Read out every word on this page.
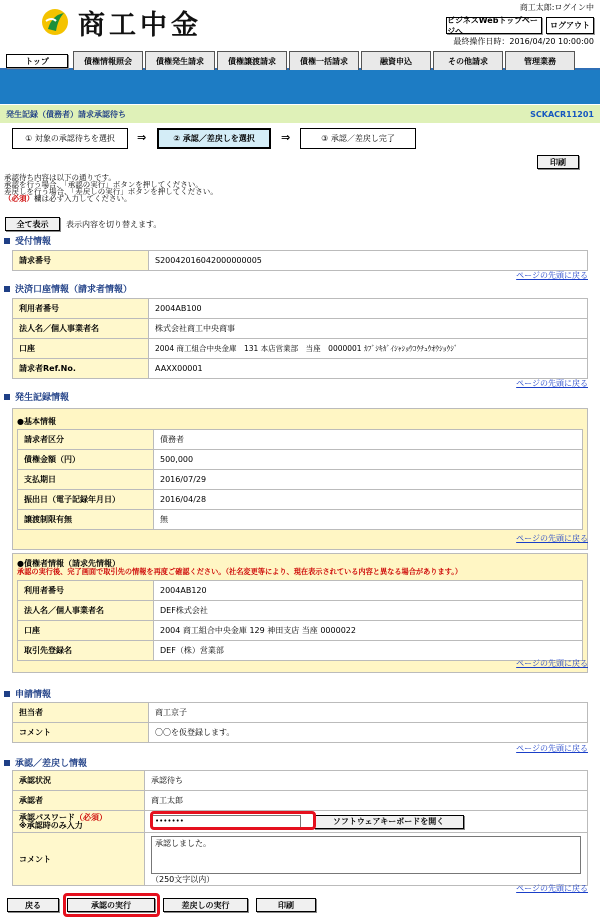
商工中金
商工太郎:ログイン中
ビジネスWebトップページへ
ログアウト
最終操作日時：2016/04/20 10:00:00
トップ	債権情報照会	債権発生請求	債権譲渡請求	債権一括請求	融資申込	その他請求	管理業務
発生記録（債務者）請求承認待ち	SCKACR11201
① 対象の承認待ちを選択	⇒	② 承認／差戻しを選択	⇒	③ 承認／差戻し完了
印刷
承認待ち内容は以下の通りです。
承認を行う場合、「承認の実行」ボタンを押してください。
差戻しを行う場合、「差戻しの実行」ボタンを押してください。
（必須）欄は必ず入力してください。
全て表示	表示内容を切り替えます。
受付情報
請求番号	S20042016042000000005
ページの先頭に戻る
決済口座情報（請求者情報）
利用者番号	2004AB100
法人名／個人事業者名	株式会社商工中央商事
口座	2004 商工組合中央金庫　131 本店営業部　当座　0000001 ｶﾌﾞｼｷｶﾞｲｼｬｼｮｳｺｳﾁｭｳｵｳｼｮｳｼﾞ
請求者Ref.No.	AAXX00001
ページの先頭に戻る
発生記録情報
●基本情報
請求者区分	債務者
債権金額（円）	500,000
支払期日	2016/07/29
振出日（電子記録年月日）	2016/04/28
譲渡制限有無	無
ページの先頭に戻る
●債権者情報（請求先情報）
承認の実行後、完了画面で取引先の情報を再度ご確認ください。（社名変更等により、現在表示されている内容と異なる場合があります。）
利用者番号	2004AB120
法人名／個人事業者名	DEF株式会社
口座	2004 商工組合中央金庫 129 神田支店 当座 0000022
取引先登録名	DEF（株）営業部
ページの先頭に戻る
申請情報
担当者	商工京子
コメント	〇〇を仮登録します。
ページの先頭に戻る
承認／差戻し情報
承認状況	承認待ち
承認者	商工太郎
承認パスワード（必須）
※承認時のみ入力	••••••• ソフトウェアキーボードを開く
コメント	承認しました。
（250文字以内）
ページの先頭に戻る
戻る	承認の実行	差戻しの実行	印刷
